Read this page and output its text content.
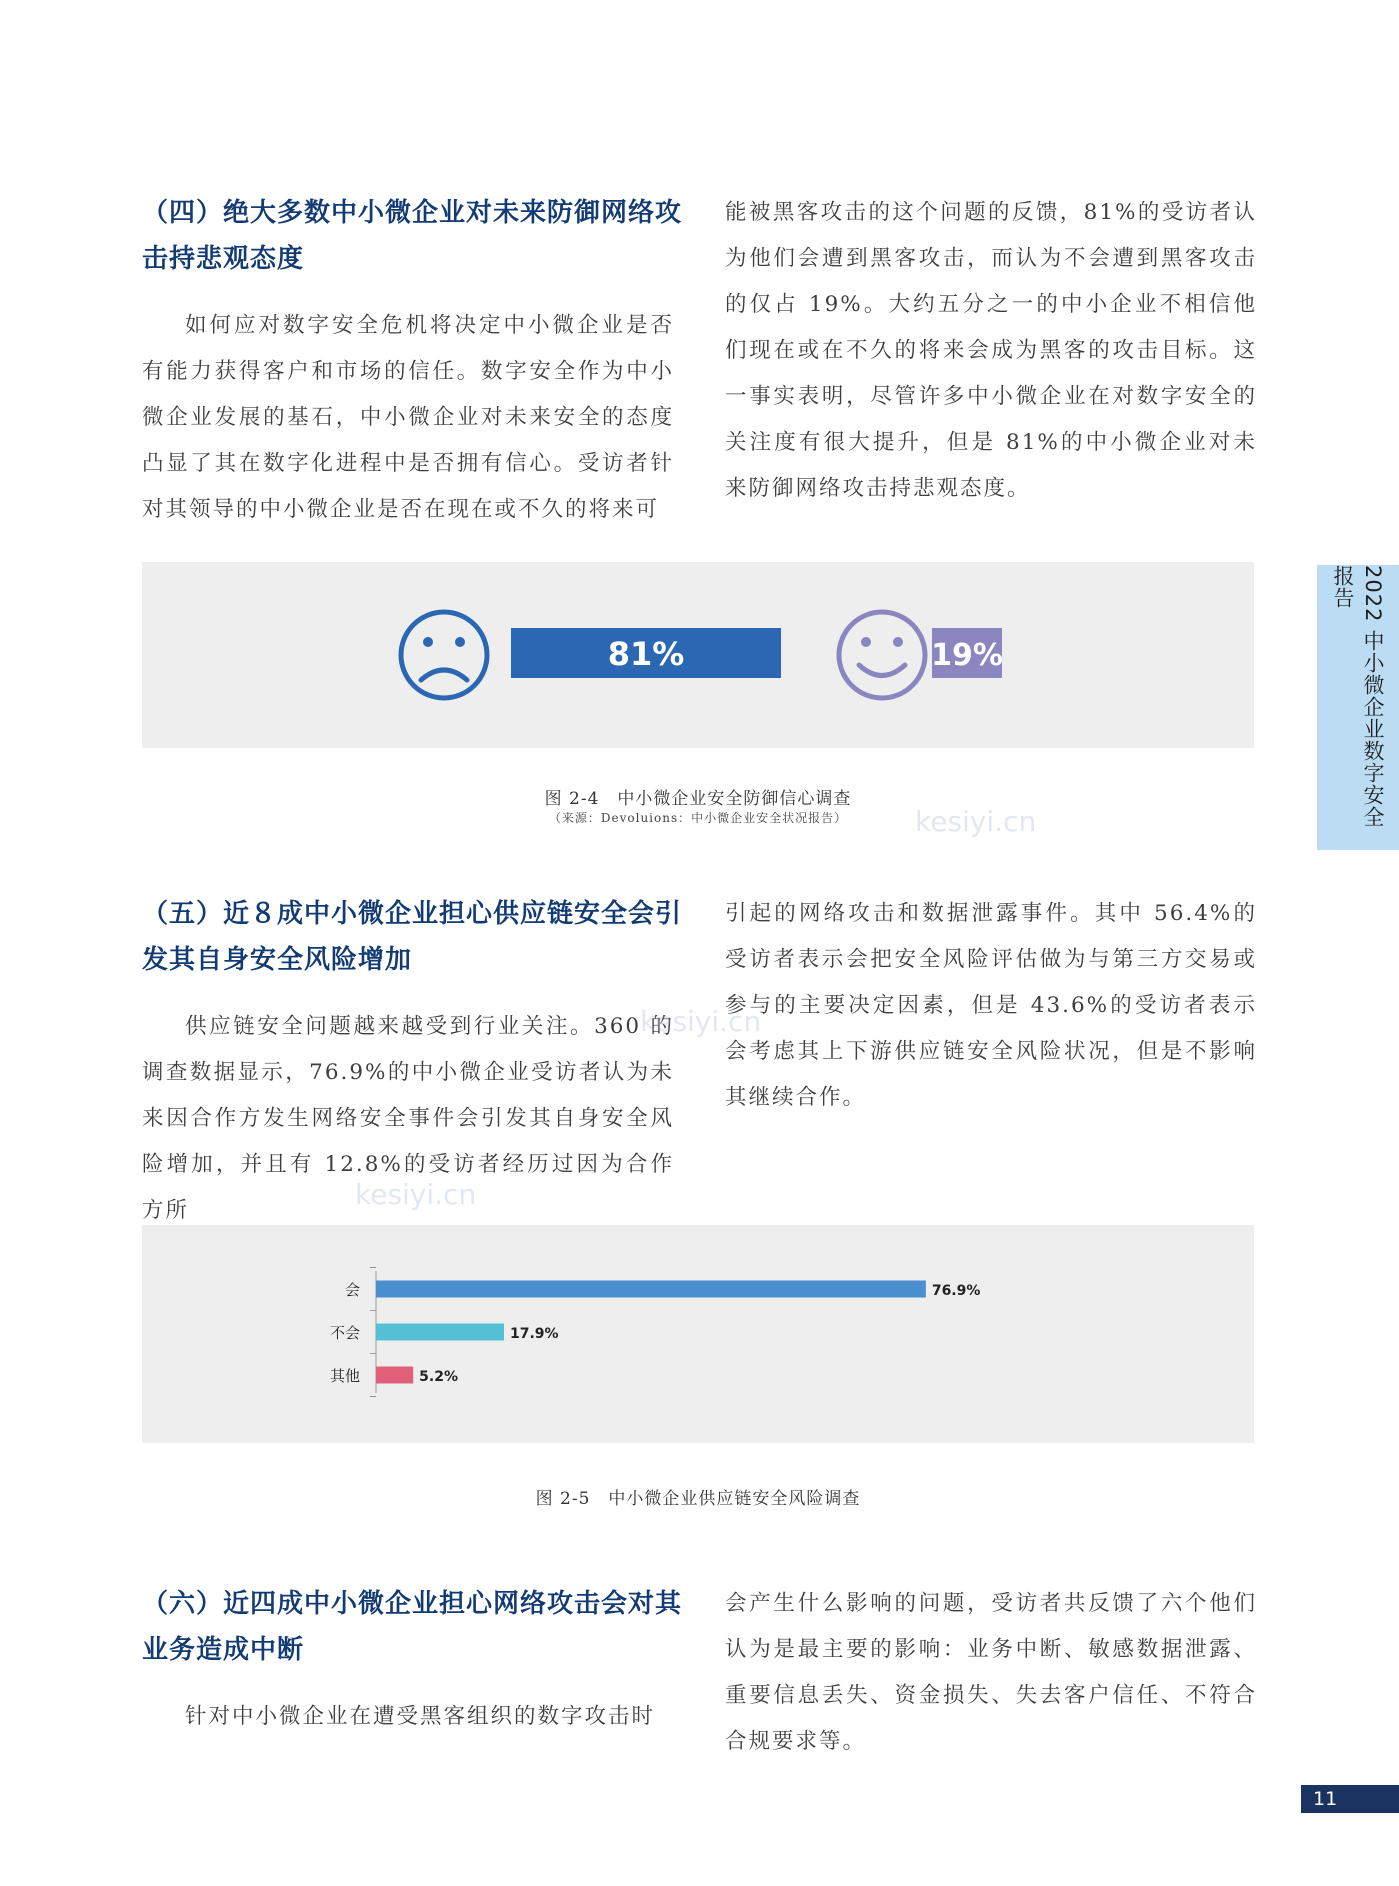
（四）绝大多数中小微企业对未来防御网络攻
击持悲观态度

如何应对数字安全危机将决定中小微企业是否有能力获得客户和市场的信任。数字安全作为中小微企业发展的基石，中小微企业对未来安全的态度凸显了其在数字化进程中是否拥有信心。受访者针对其领导的中小微企业是否在现在或不久的将来可

能被黑客攻击的这个问题的反馈，81%的受访者认为他们会遭到黑客攻击，而认为不会遭到黑客攻击的仅占 19%。大约五分之一的中小企业不相信他们现在或在不久的将来会成为黑客的攻击目标。这一事实表明，尽管许多中小微企业在对数字安全的关注度有很大提升，但是 81%的中小微企业对未来防御网络攻击持悲观态度。

81%	19%
图 2-4　中小微企业安全防御信心调查
（来源：Devoluions：中小微企业安全状况报告）
（五）近８成中小微企业担心供应链安全会引
发其自身安全风险增加

供应链安全问题越来越受到行业关注。360 的调查数据显示，76.9%的中小微企业受访者认为未来因合作方发生网络安全事件会引发其自身安全风险增加，并且有 12.8%的受访者经历过因为合作方所

引起的网络攻击和数据泄露事件。其中 56.4%的受访者表示会把安全风险评估做为与第三方交易或参与的主要决定因素，但是 43.6%的受访者表示会考虑其上下游供应链安全风险状况，但是不影响其继续合作。

会	76.9%
不会	17.9%
其他	5.2%
图 2-5　中小微企业供应链安全风险调查
（六）近四成中小微企业担心网络攻击会对其
业务造成中断

针对中小微企业在遭受黑客组织的数字攻击时

会产生什么影响的问题，受访者共反馈了六个他们认为是最主要的影响：业务中断、敏感数据泄露、重要信息丢失、资金损失、失去客户信任、不符合合规要求等。

2022 中小微企业数字安全报告
11
kesiyi.cn
kesiyi.cn
kesiyi.cn
